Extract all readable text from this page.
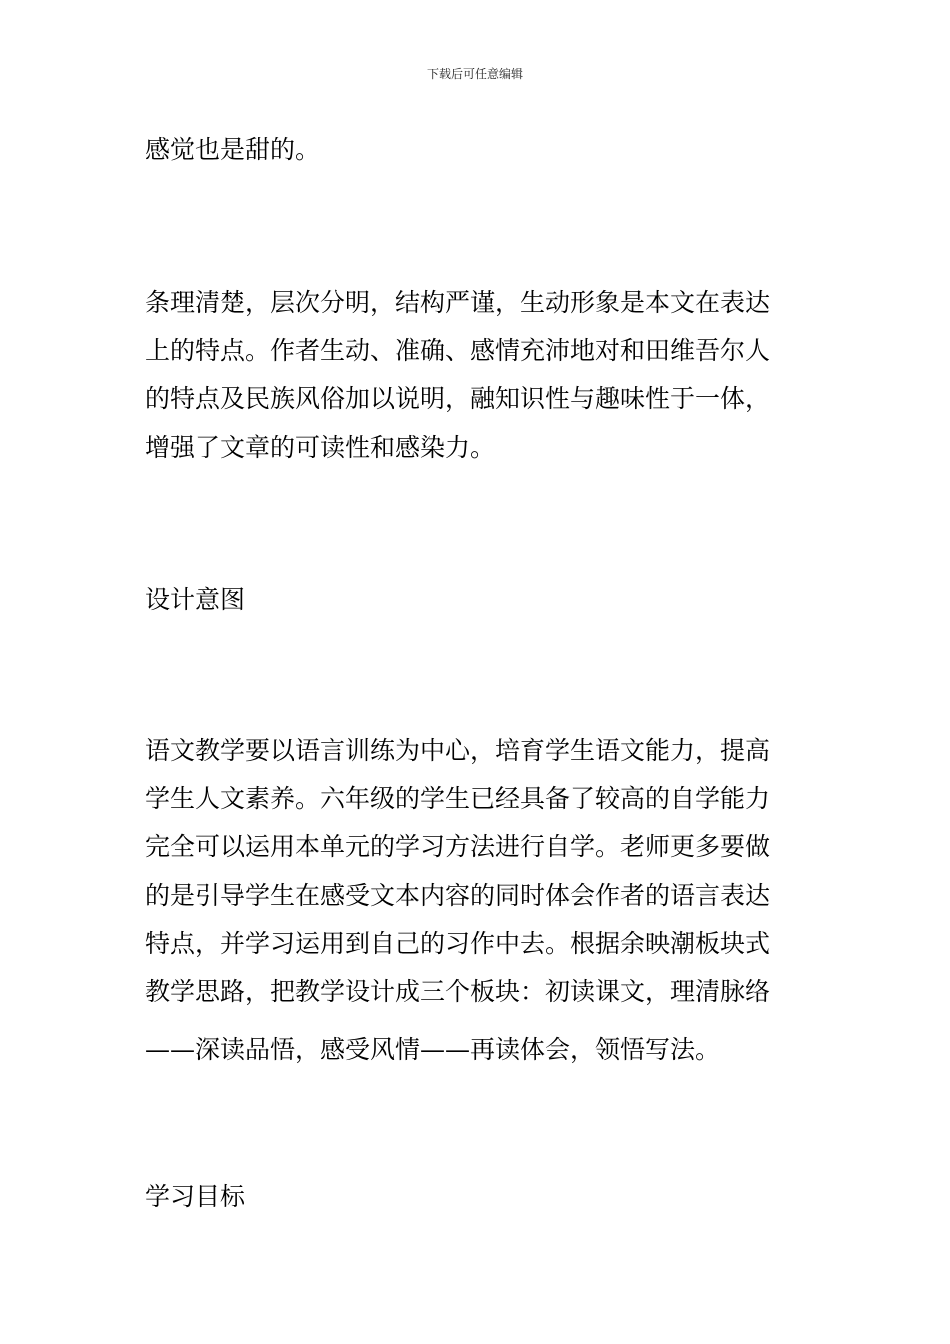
下载后可任意编辑
感觉也是甜的。
条理清楚，层次分明，结构严谨，生动形象是本文在表达
上的特点。作者生动、准确、感情充沛地对和田维吾尔人
的特点及民族风俗加以说明，融知识性与趣味性于一体，
增强了文章的可读性和感染力。
设计意图
语文教学要以语言训练为中心，培育学生语文能力，提高
学生人文素养。六年级的学生已经具备了较高的自学能力
完全可以运用本单元的学习方法进行自学。老师更多要做
的是引导学生在感受文本内容的同时体会作者的语言表达
特点，并学习运用到自己的习作中去。根据余映潮板块式
教学思路，把教学设计成三个板块：初读课文，理清脉络
——深读品悟，感受风情——再读体会，领悟写法。
学习目标
